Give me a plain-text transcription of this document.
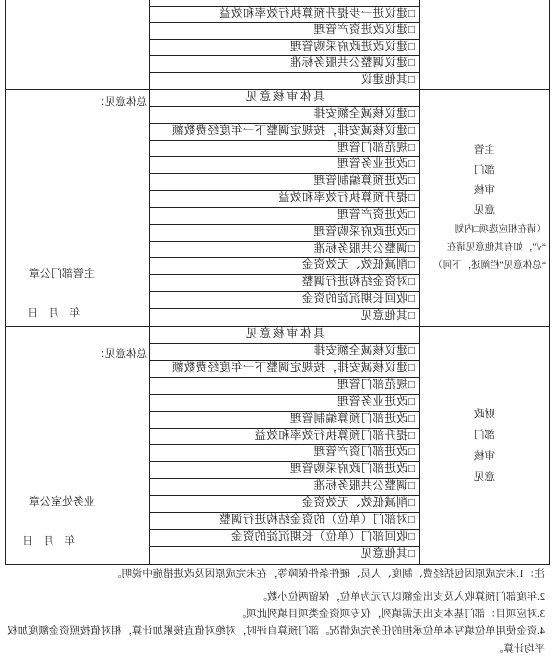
□建议进一步提升预算执行效率和效益
□建议改进资产管理
□建议改进政府采购管理
□建议调整公共服务标准
□其他建议
主管
部门
审核
意见
（请在相应选项□内划
“√”，如有其他意见请在
“总体意见”栏阐述，下同）
具体审核意见
□建议核减全额安排
□建议核减安排，按规定调整下一年度经费数额
□规范部门管理
□改进业务管理
□改进预算编制管理
□提升预算执行效率和效益
□改进资产管理
□改进政府采购管理
□调整公共服务标准
□削减低效、无效资金
□对资金结构进行调整
□收回长期沉淀的资金
□其他意见
总体意见：
主管部门公章
年    月    日
财政
部门
审核
意见
具体审核意见
□建议核减全额安排
□建议核减安排，按规定调整下一年度经费数额
□规范部门管理
□改进业务管理
□改进部门预算编制管理
□提升部门预算执行效率和效益
□改进部门资产管理
□改进部门政府采购管理
□调整公共服务标准
□削减低效、无效资金
□对部门（单位）的资金结构进行调整
□收回部门（单位）长期沉淀的资金
□其他意见
总体意见：
业务处室公章
年    月    日
注：1.未完成原因包括经费、制度、人员、硬件条件保障等，在未完成原因及改进措施中说明。
2.年度部门预算收入及支出金额以万元为单位，保留两位小数。
3.对应项目：部门基本支出无需填列，仅专项资金类项目填列此项。
4.资金使用单位填写本单位承担的任务完成情况。部门预算自评时，对绝对值直接累加计算，相对值按照资金额度加权
平均计算。
